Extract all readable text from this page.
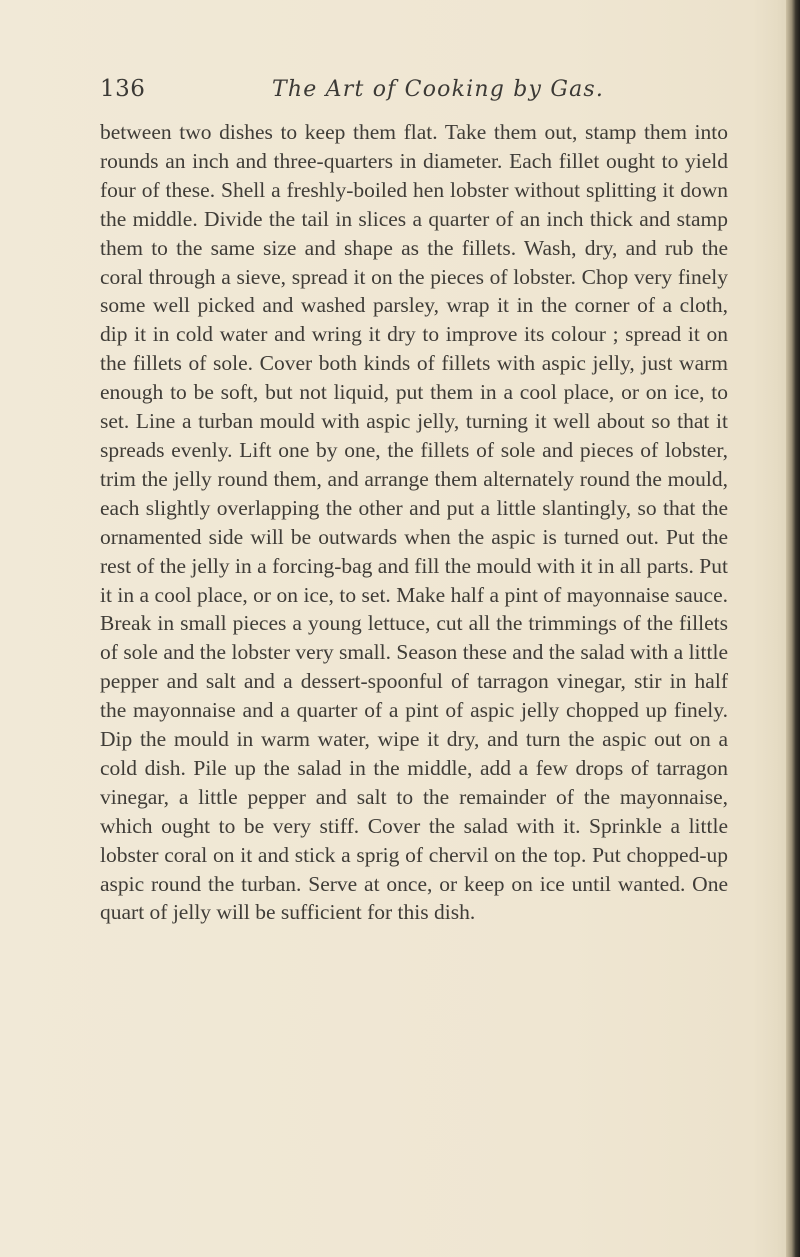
136	The Art of Cooking by Gas.

between two dishes to keep them flat. Take them out, stamp them into rounds an inch and three-quarters in diameter. Each fillet ought to yield four of these. Shell a freshly-boiled hen lobster without splitting it down the middle. Divide the tail in slices a quarter of an inch thick and stamp them to the same size and shape as the fillets. Wash, dry, and rub the coral through a sieve, spread it on the pieces of lobster. Chop very finely some well picked and washed parsley, wrap it in the corner of a cloth, dip it in cold water and wring it dry to improve its colour ; spread it on the fillets of sole. Cover both kinds of fillets with aspic jelly, just warm enough to be soft, but not liquid, put them in a cool place, or on ice, to set. Line a turban mould with aspic jelly, turning it well about so that it spreads evenly. Lift one by one, the fillets of sole and pieces of lobster, trim the jelly round them, and arrange them alternately round the mould, each slightly overlapping the other and put a little slantingly, so that the ornamented side will be outwards when the aspic is turned out. Put the rest of the jelly in a forcing-bag and fill the mould with it in all parts. Put it in a cool place, or on ice, to set. Make half a pint of mayonnaise sauce. Break in small pieces a young lettuce, cut all the trimmings of the fillets of sole and the lobster very small. Season these and the salad with a little pepper and salt and a dessert-spoonful of tarragon vinegar, stir in half the mayonnaise and a quarter of a pint of aspic jelly chopped up finely. Dip the mould in warm water, wipe it dry, and turn the aspic out on a cold dish. Pile up the salad in the middle, add a few drops of tarragon vinegar, a little pepper and salt to the remainder of the mayonnaise, which ought to be very stiff. Cover the salad with it. Sprinkle a little lobster coral on it and stick a sprig of chervil on the top. Put chopped-up aspic round the turban. Serve at once, or keep on ice until wanted. One quart of jelly will be sufficient for this dish.
